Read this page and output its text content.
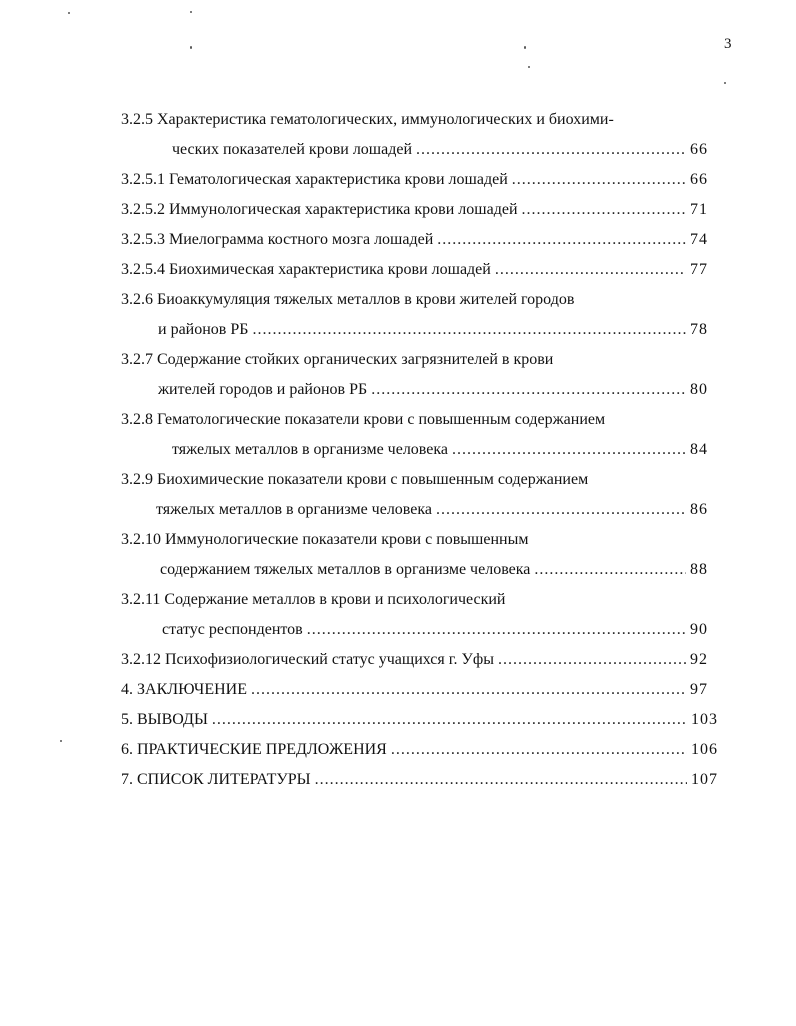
3
3.2.5 Характеристика гематологических, иммунологических и биохими-
ческих показателей крови лошадей .....	66
3.2.5.1 Гематологическая характеристика крови лошадей .....	66
3.2.5.2 Иммунологическая характеристика крови лошадей .....	71
3.2.5.3 Миелограмма костного мозга лошадей .....	74
3.2.5.4 Биохимическая характеристика крови лошадей .....	77
3.2.6 Биоаккумуляция тяжелых металлов в крови жителей городов
и районов РБ .....	78
3.2.7 Содержание стойких органических загрязнителей в крови
жителей городов и районов РБ .....	80
3.2.8 Гематологические показатели крови с повышенным содержанием
тяжелых металлов в организме человека .....	84
3.2.9 Биохимические показатели крови с повышенным содержанием
тяжелых металлов в организме человека .....	86
3.2.10 Иммунологические показатели крови с повышенным
содержанием тяжелых металлов в организме человека .....	88
3.2.11 Содержание металлов в крови и психологический
статус респондентов .....	90
3.2.12 Психофизиологический статус учащихся г. Уфы .....	92
4. ЗАКЛЮЧЕНИЕ .....	97
5. ВЫВОДЫ .....	103
6. ПРАКТИЧЕСКИЕ ПРЕДЛОЖЕНИЯ .....	106
7. СПИСОК ЛИТЕРАТУРЫ .....	107
